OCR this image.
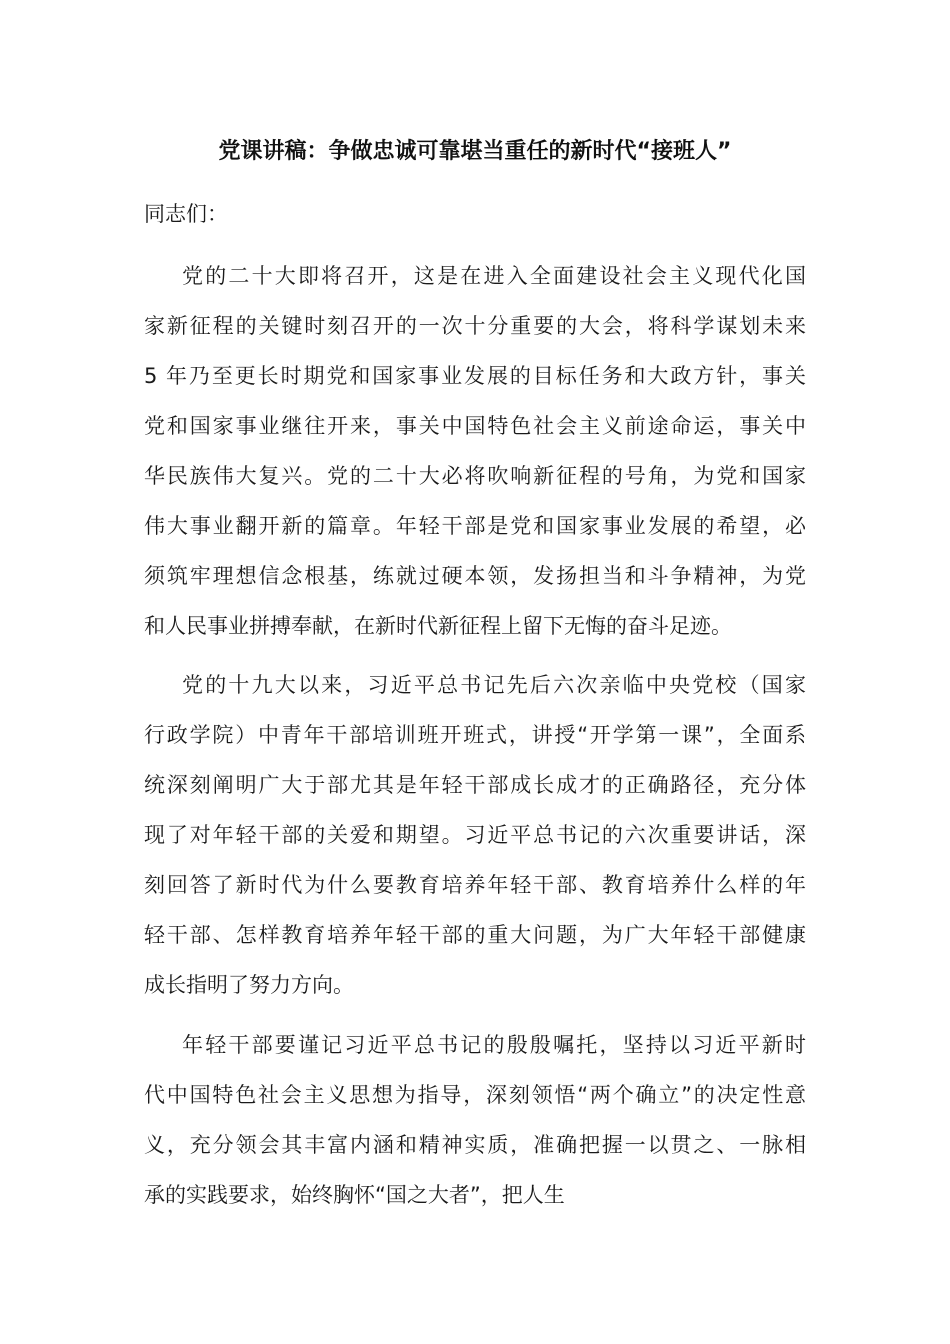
党课讲稿：争做忠诚可靠堪当重任的新时代“接班人”
同志们：
党的二十大即将召开，这是在进入全面建设社会主义现代化国
家新征程的关键时刻召开的一次十分重要的大会，将科学谋划未来
5 年乃至更长时期党和国家事业发展的目标任务和大政方针，事关
党和国家事业继往开来，事关中国特色社会主义前途命运，事关中
华民族伟大复兴。党的二十大必将吹响新征程的号角，为党和国家
伟大事业翻开新的篇章。年轻干部是党和国家事业发展的希望，必
须筑牢理想信念根基，练就过硬本领，发扬担当和斗争精神，为党
和人民事业拼搏奉献，在新时代新征程上留下无悔的奋斗足迹。
党的十九大以来，习近平总书记先后六次亲临中央党校（国家
行政学院）中青年干部培训班开班式，讲授“开学第一课”，全面系
统深刻阐明广大于部尤其是年轻干部成长成才的正确路径，充分体
现了对年轻干部的关爱和期望。习近平总书记的六次重要讲话，深
刻回答了新时代为什么要教育培养年轻干部、教育培养什么样的年
轻干部、怎样教育培养年轻干部的重大问题，为广大年轻干部健康
成长指明了努力方向。
年轻干部要谨记习近平总书记的殷殷嘱托，坚持以习近平新时
代中国特色社会主义思想为指导，深刻领悟“两个确立”的决定性意
义，充分领会其丰富内涵和精神实质，准确把握一以贯之、一脉相
承的实践要求，始终胸怀“国之大者”，把人生
